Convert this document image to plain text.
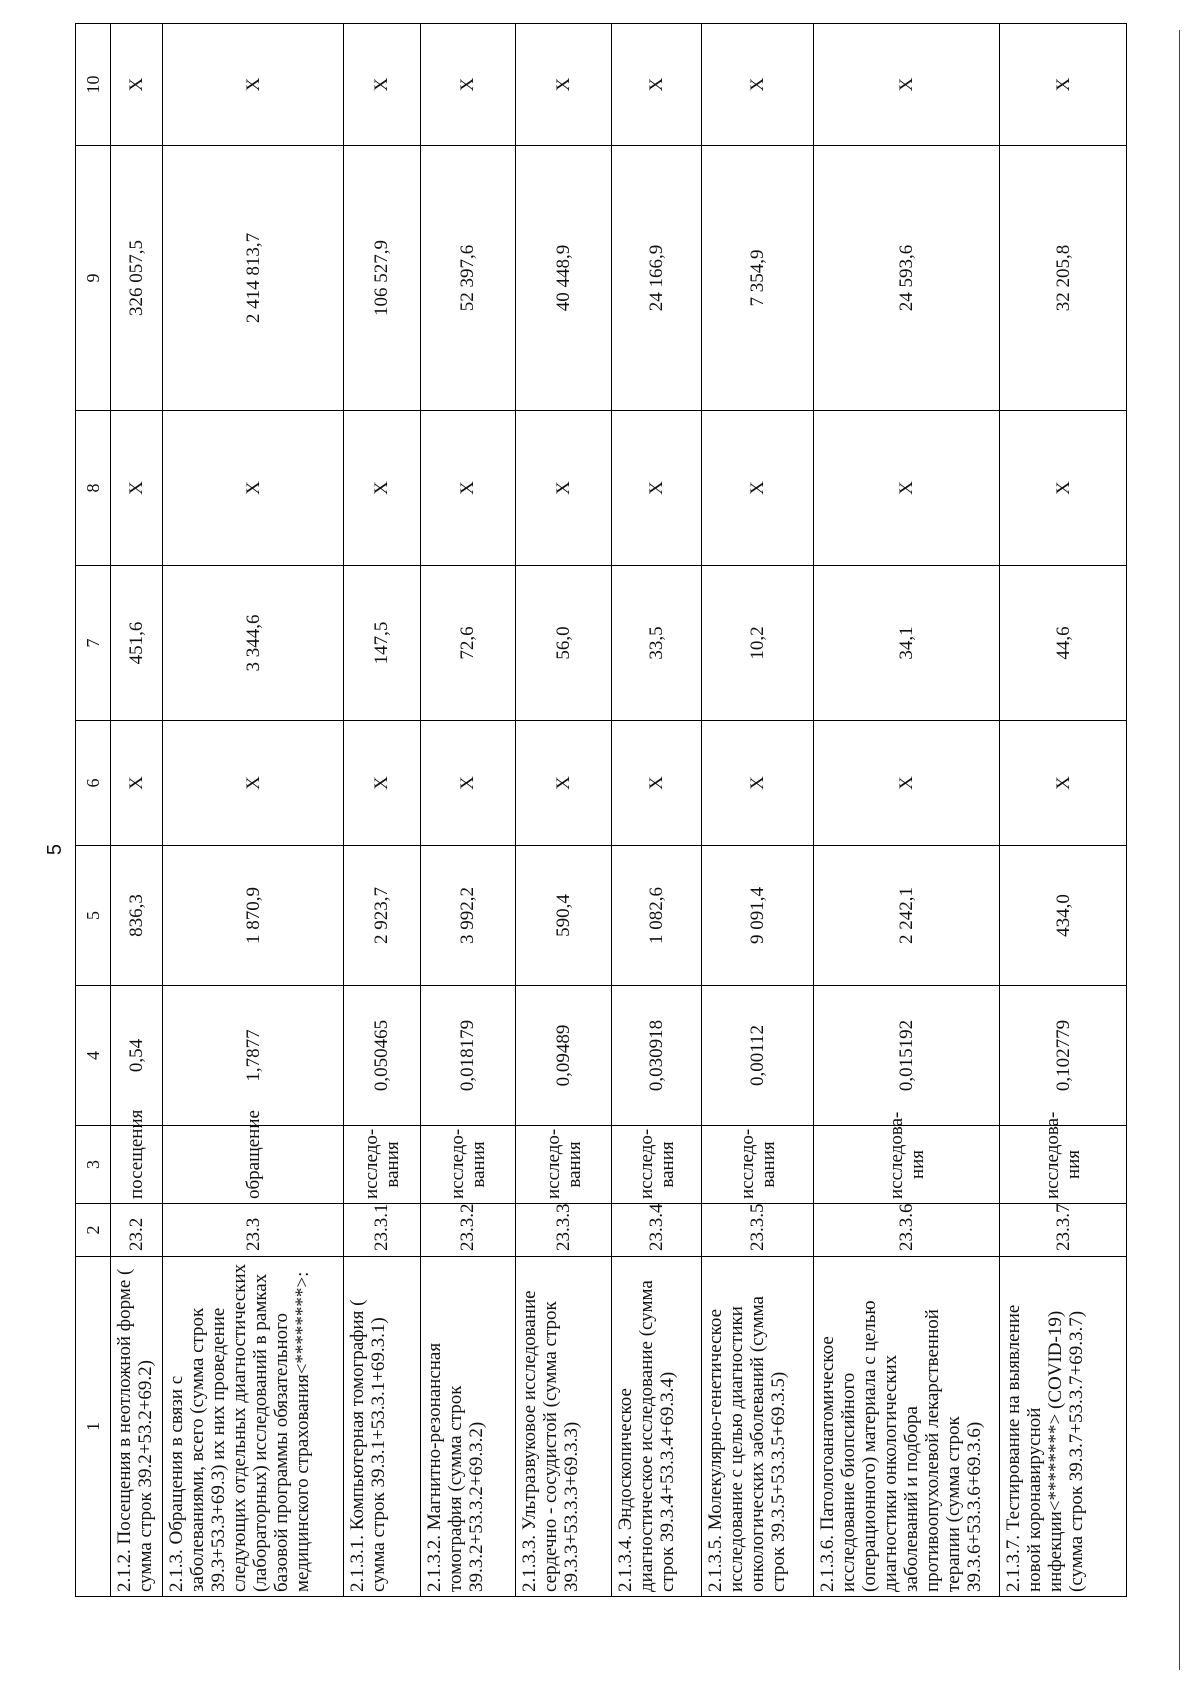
5
1	2	3	4	5	6	7	8	9	10
2.1.2. Посещения в неотложной форме ( сумма строк 39.2+53.2+69.2)	23.2	посещения	0,54	836,3	X	451,6	X	326 057,5	X
2.1.3. Обращения в связи с заболеваниями, всего (сумма строк 39.3+53.3+69.3) их них проведение следующих отдельных диагностических (лабораторных) исследований в рамках базовой программы обязательного медицинского страхования<********>:	23.3	обращение	1,7877	1 870,9	X	3 344,6	X	2 414 813,7	X
2.1.3.1. Компьютерная томография ( сумма строк 39.3.1+53.3.1+69.3.1)	23.3.1	исследо-вания	0,050465	2 923,7	X	147,5	X	106 527,9	X
2.1.3.2. Магнитно-резонансная томография (сумма строк 39.3.2+53.3.2+69.3.2)	23.3.2	исследо-вания	0,018179	3 992,2	X	72,6	X	52 397,6	X
2.1.3.3. Ультразвуковое исследование сердечно - сосудистой (сумма строк 39.3.3+53.3.3+69.3.3)	23.3.3	исследо-вания	0,09489	590,4	X	56,0	X	40 448,9	X
2.1.3.4. Эндоскопическое диагностическое исследование (сумма строк 39.3.4+53.3.4+69.3.4)	23.3.4	исследо-вания	0,030918	1 082,6	X	33,5	X	24 166,9	X
2.1.3.5. Молекулярно-генетическое исследование с целью диагностики онкологических заболеваний (сумма строк 39.3.5+53.3.5+69.3.5)	23.3.5	исследо-вания	0,00112	9 091,4	X	10,2	X	7 354,9	X
2.1.3.6. Патологоанатомическое исследование биопсийного (операционного) материала с целью диагностики онкологических заболеваний и подбора противоопухолевой лекарственной терапии (сумма строк 39.3.6+53.3.6+69.3.6)	23.3.6	исследова-ния	0,015192	2 242,1	X	34,1	X	24 593,6	X
2.1.3.7. Тестирование на выявление новой коронавирусной инфекции<********> (COVID-19) (сумма строк 39.3.7+53.3.7+69.3.7)	23.3.7	исследова-ния	0,102779	434,0	X	44,6	X	32 205,8	X
